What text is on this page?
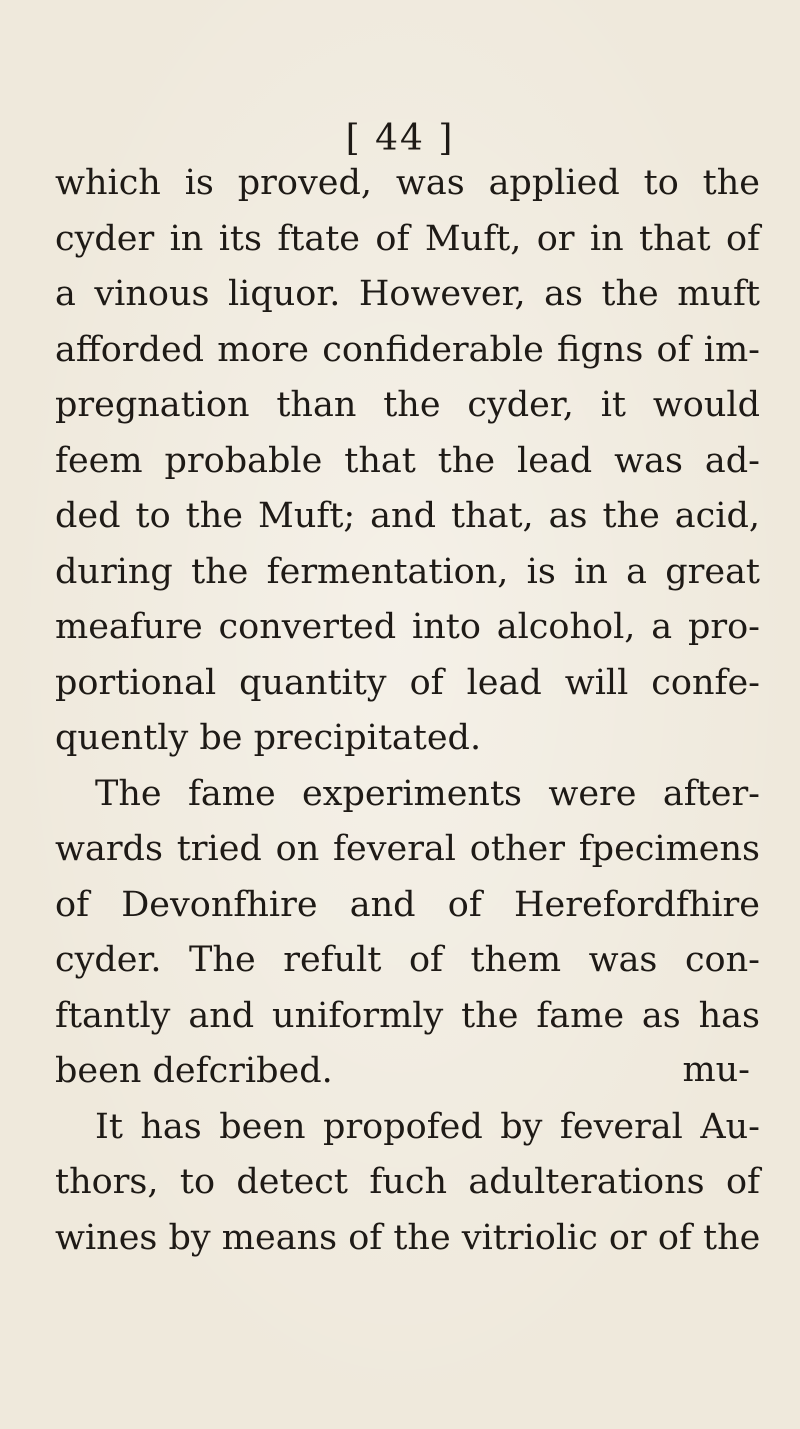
[ 44 ]
which is proved, was applied to the
cyder in its ftate of Muft, or in that of
a vinous liquor. However, as the muft
afforded more confiderable figns of im-
pregnation than the cyder, it would
feem probable that the lead was ad-
ded to the Muft; and that, as the acid,
during the fermentation, is in a great
meafure converted into alcohol, a pro-
portional quantity of lead will confe-
quently be precipitated.
The fame experiments were after-
wards tried on feveral other fpecimens
of Devonfhire and of Herefordfhire
cyder. The refult of them was con-
ftantly and uniformly the fame as has
been defcribed.
It has been propofed by feveral Au-
thors, to detect fuch adulterations of
wines by means of the vitriolic or of the
mu-
